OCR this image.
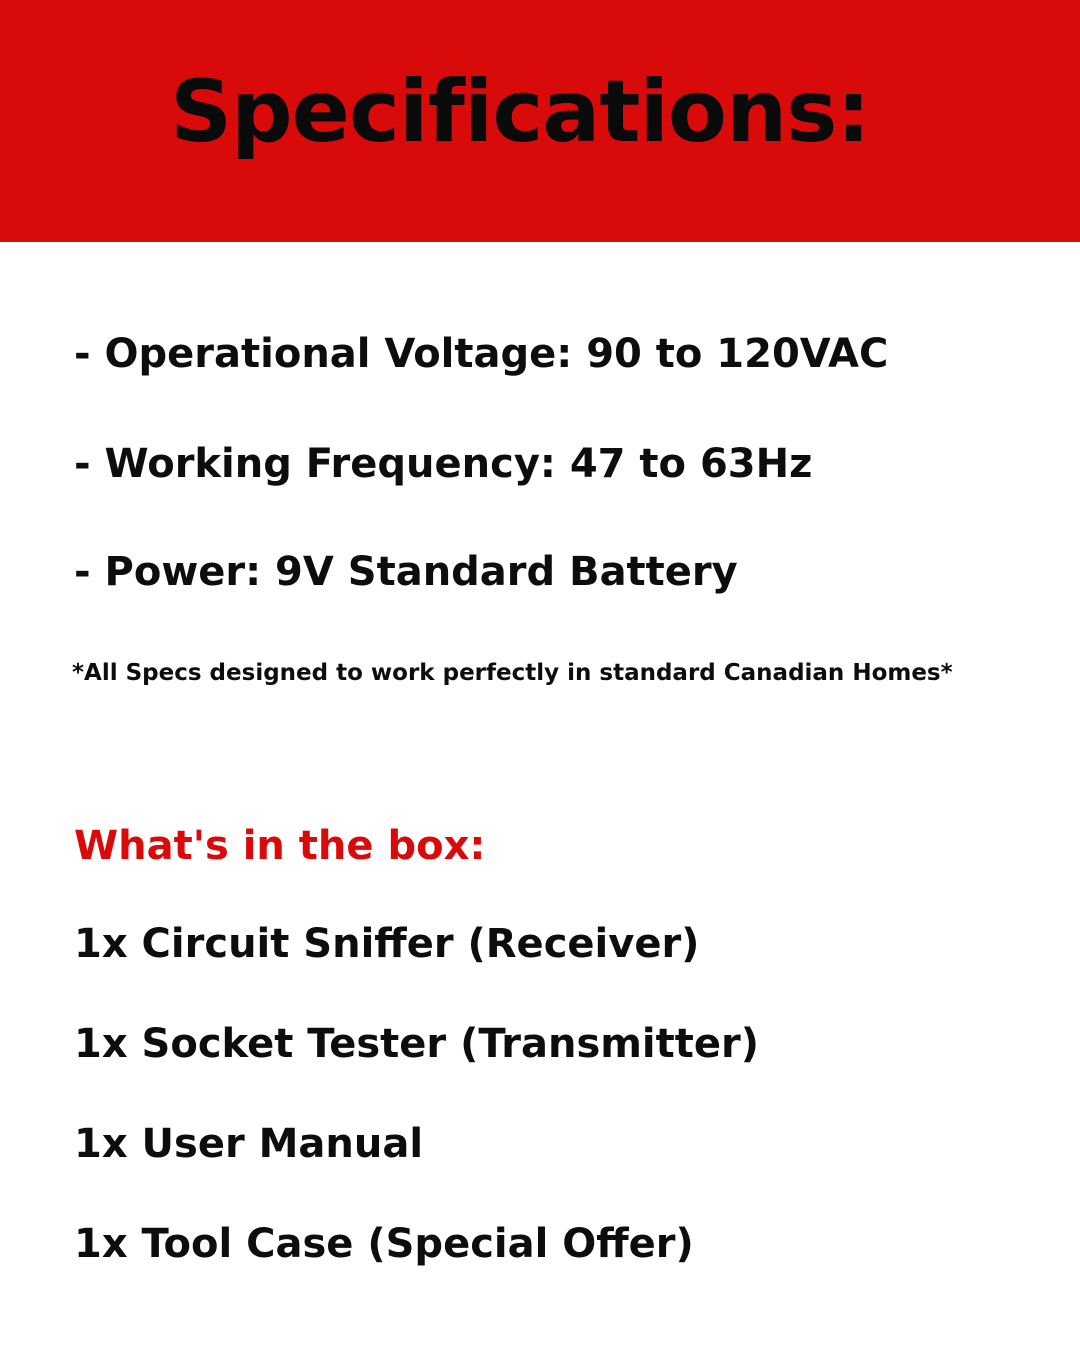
Specifications:
- Operational Voltage: 90 to 120VAC
- Working Frequency: 47 to 63Hz
- Power: 9V Standard Battery
*All Specs designed to work perfectly in standard Canadian Homes*
What's in the box:
1x Circuit Sniffer (Receiver)
1x Socket Tester (Transmitter)
1x User Manual
1x Tool Case (Special Offer)
